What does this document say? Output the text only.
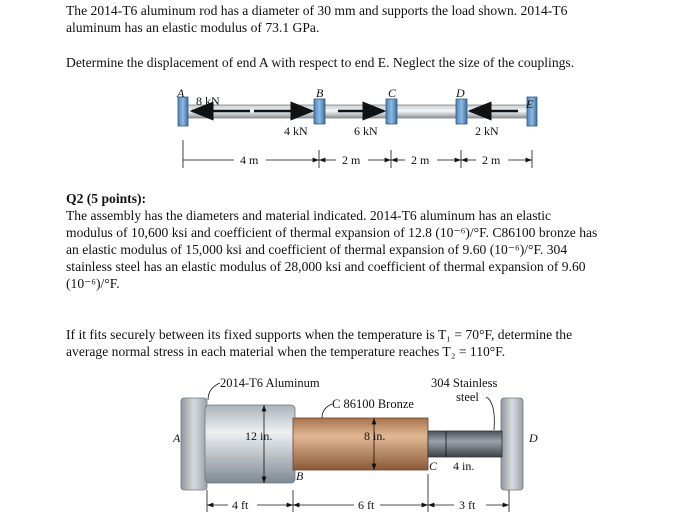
The 2014-T6 aluminum rod has a diameter of 30 mm and supports the load shown. 2014-T6
aluminum has an elastic modulus of 73.1 GPa.

Determine the displacement of end A with respect to end E. Neglect the size of the couplings.

A	B	C	D
E
8 kN
4 kN	6 kN	2 kN
4 m	2 m	2 m	2 m

Q2 (5 points):
The assembly has the diameters and material indicated. 2014-T6 aluminum has an elastic
modulus of 10,600 ksi and coefficient of thermal expansion of 12.8 (10⁻⁶)/°F. C86100 bronze has
an elastic modulus of 15,000 ksi and coefficient of thermal expansion of 9.60 (10⁻⁶)/°F. 304
stainless steel has an elastic modulus of 28,000 ksi and coefficient of thermal expansion of 9.60
(10⁻⁶)/°F.

If it fits securely between its fixed supports when the temperature is T₁ = 70°F, determine the
average normal stress in each material when the temperature reaches T₂ = 110°F.

12 in.	8 in.
4 in.
2014-T6 Aluminum
C 86100 Bronze
304 Stainless
steel
A	D
B
C
4 ft	6 ft	3 ft
